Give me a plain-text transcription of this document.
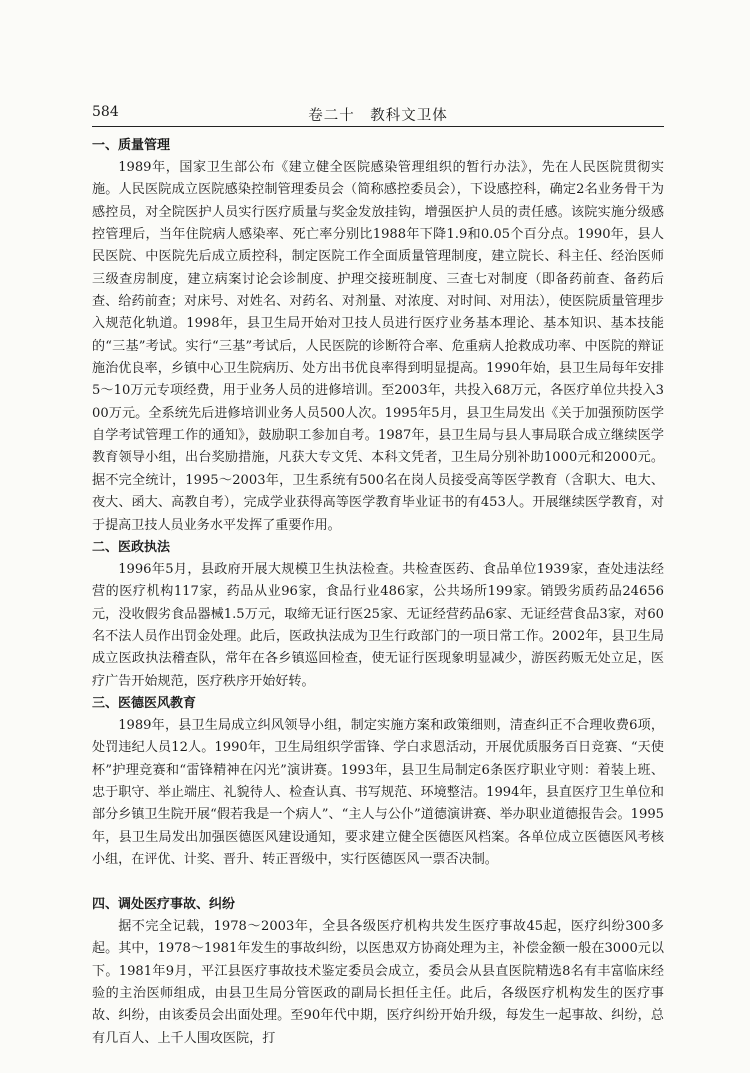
584	卷二十　教科文卫体
一、质量管理

1989年，国家卫生部公布《建立健全医院感染管理组织的暂行办法》，先在人民医院贯彻实施。人民医院成立医院感染控制管理委员会（简称感控委员会），下设感控科，确定2名业务骨干为感控员，对全院医护人员实行医疗质量与奖金发放挂钩，增强医护人员的责任感。该院实施分级感控管理后，当年住院病人感染率、死亡率分别比1988年下降1.9和0.05个百分点。1990年，县人民医院、中医院先后成立质控科，制定医院工作全面质量管理制度，建立院长、科主任、经治医师三级查房制度，建立病案讨论会诊制度、护理交接班制度、三查七对制度（即备药前查、备药后查、给药前查；对床号、对姓名、对药名、对剂量、对浓度、对时间、对用法），使医院质量管理步入规范化轨道。1998年，县卫生局开始对卫技人员进行医疗业务基本理论、基本知识、基本技能的“三基”考试。实行“三基”考试后，人民医院的诊断符合率、危重病人抢救成功率、中医院的辩证施治优良率，乡镇中心卫生院病历、处方出书优良率得到明显提高。1990年始，县卫生局每年安排5～10万元专项经费，用于业务人员的进修培训。至2003年，共投入68万元，各医疗单位共投入300万元。全系统先后进修培训业务人员500人次。1995年5月，县卫生局发出《关于加强预防医学自学考试管理工作的通知》，鼓励职工参加自考。1987年，县卫生局与县人事局联合成立继续医学教育领导小组，出台奖励措施，凡获大专文凭、本科文凭者，卫生局分别补助1000元和2000元。据不完全统计，1995～2003年，卫生系统有500名在岗人员接受高等医学教育（含职大、电大、夜大、函大、高教自考），完成学业获得高等医学教育毕业证书的有453人。开展继续医学教育，对于提高卫技人员业务水平发挥了重要作用。

二、医政执法

1996年5月，县政府开展大规模卫生执法检查。共检查医药、食品单位1939家，查处违法经营的医疗机构117家，药品从业96家，食品行业486家，公共场所199家。销毁劣质药品24656元，没收假劣食品器械1.5万元，取缔无证行医25家、无证经营药品6家、无证经营食品3家，对60名不法人员作出罚金处理。此后，医政执法成为卫生行政部门的一项日常工作。2002年，县卫生局成立医政执法稽查队，常年在各乡镇巡回检查，使无证行医现象明显减少，游医药贩无处立足，医疗广告开始规范，医疗秩序开始好转。

三、医德医风教育

1989年，县卫生局成立纠风领导小组，制定实施方案和政策细则，清查纠正不合理收费6项，处罚违纪人员12人。1990年，卫生局组织学雷锋、学白求恩活动，开展优质服务百日竞赛、“天使杯”护理竞赛和“雷锋精神在闪光”演讲赛。1993年，县卫生局制定6条医疗职业守则：着装上班、忠于职守、举止端庄、礼貌待人、检查认真、书写规范、环境整洁。1994年，县直医疗卫生单位和部分乡镇卫生院开展“假若我是一个病人”、“主人与公仆”道德演讲赛、举办职业道德报告会。1995年，县卫生局发出加强医德医风建设通知，要求建立健全医德医风档案。各单位成立医德医风考核小组，在评优、计奖、晋升、转正晋级中，实行医德医风一票否决制。

四、调处医疗事故、纠纷

据不完全记载，1978～2003年，全县各级医疗机构共发生医疗事故45起，医疗纠纷300多起。其中，1978～1981年发生的事故纠纷，以医患双方协商处理为主，补偿金额一般在3000元以下。1981年9月，平江县医疗事故技术鉴定委员会成立，委员会从县直医院精选8名有丰富临床经验的主治医师组成，由县卫生局分管医政的副局长担任主任。此后，各级医疗机构发生的医疗事故、纠纷，由该委员会出面处理。至90年代中期，医疗纠纷开始升级，每发生一起事故、纠纷，总有几百人、上千人围攻医院，打
